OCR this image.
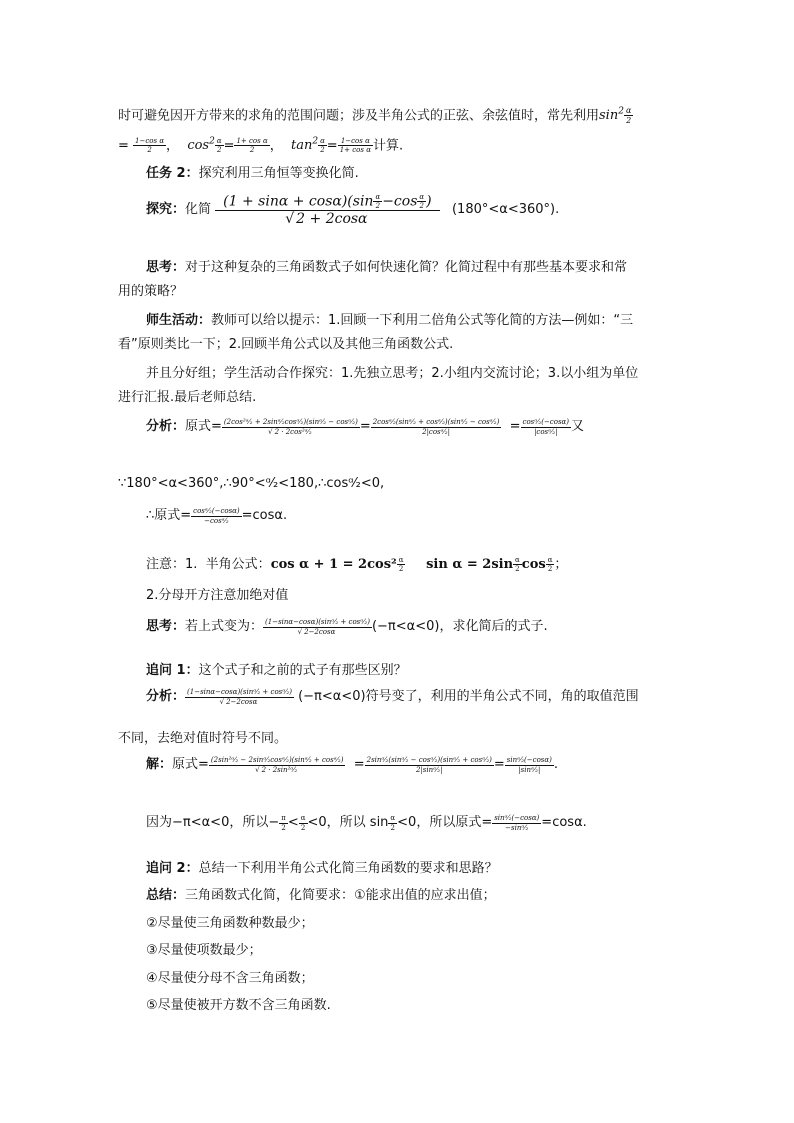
时可避免因开方带来的求角的范围问题；涉及半角公式的正弦、余弦值时，常先利用$\sin^2 \frac{\alpha}{2}$
= $\frac{\text{1−cos α}}{2}$ ，  $\cos^2 \frac{\alpha}{2} = \frac{\text{1+ cos α}}{2}$ ，  $\tan^2 \frac{\alpha}{2} = \frac{\text{1−cos α}}{\text{1+ cos α}}$ 计算.
任务 2：探究利用三角恒等变换化简.
探究：化简 $\frac{(1 + \sin\alpha + \cos\alpha)(\sin \frac{\alpha}{2} -\cos \frac{\alpha}{2} )}{√ 2 + 2\cos\alpha} (180^\circ<\alpha<360^\circ)$.
思考：对于这种复杂的三角函数式子如何快速化简？化简过程中有那些基本要求和常
用的策略？
师生活动：教师可以给以提示：1.回顾一下利用二倍角公式等化简的方法—例如：“三
看”原则类比一下；2.回顾半角公式以及其他三角函数公式.
并且分好组；学生活动合作探究：1.先独立思考；2.小组内交流讨论；3.以小组为单位
进行汇报.最后老师总结.
分析：原式= $\frac{\text{(2cos²ᵅ⁄₂ + 2sinᵅ⁄₂cosᵅ⁄₂)(sinᵅ⁄₂ − cosᵅ⁄₂)}}{\text{√ 2 · 2cos²ᵅ⁄₂}} = \frac{\text{2cosᵅ⁄₂(sinᵅ⁄₂ + cosᵅ⁄₂)(sinᵅ⁄₂ − cosᵅ⁄₂)}}{\text{2|cosᵅ⁄₂|}} = \frac{\text{cosᵅ⁄₂(−cosα)}}{\text{|cosᵅ⁄₂|}}$ 又
∵180°<α<360°,∴90°<ᵅ⁄₂<180,∴cosᵅ⁄₂<0,
∴原式= $\frac{\text{cosᵅ⁄₂(−cosα)}}{\text{−cosᵅ⁄₂}} =\cos\alpha$.
注意：1. 半角公式：$\cos \alpha + 1 = 2\cos^2 \frac{\alpha}{2}$ $\sin \alpha = 2\sin \frac{\alpha}{2}$ $\cos \frac{\alpha}{2}$ ；
2.分母开方注意加绝对值
思考：若上式变为： $\frac{\text{(1−sinα−cosα)(sinᵅ⁄₂ + cosᵅ⁄₂)}}{√ 2-2\cos\alpha} (-\pi<\alpha<0)$，求化简后的式子.
追问 1：这个式子和之前的式子有那些区别？
分析： $\frac{\text{(1−sinα−cosα)(sinᵅ⁄₂ + cosᵅ⁄₂)}}{√ 2-2\cos\alpha} (-\pi<\alpha<0)$符号变了，利用的半角公式不同，角的取值范围
不同，去绝对值时符号不同。
解：原式= $\frac{\text{(2sin²ᵅ⁄₂ − 2sinᵅ⁄₂cosᵅ⁄₂)(sinᵅ⁄₂ + cosᵅ⁄₂)}}{\text{√ 2 · 2sin²ᵅ⁄₂}} = \frac{\text{2sinᵅ⁄₂(sinᵅ⁄₂ − cosᵅ⁄₂)(sinᵅ⁄₂ + cosᵅ⁄₂)}}{\text{2|sinᵅ⁄₂|}} = \frac{\text{sinᵅ⁄₂(−cosα)}}{\text{|sinᵅ⁄₂|}}$ .
因为−π<α<0，所以− $\frac{\pi}{2} < \frac{\alpha}{2} <0$，所以 $\sin \frac{\alpha}{2} <0$，所以原式= $\frac{\text{sinᵅ⁄₂(−cosα)}}{\text{−sinᵅ⁄₂}} =\cos\alpha$.
追问 2：总结一下利用半角公式化简三角函数的要求和思路？
总结：三角函数式化简，化简要求：①能求出值的应求出值；
②尽量使三角函数种数最少；
③尽量使项数最少；
④尽量使分母不含三角函数；
⑤尽量使被开方数不含三角函数.
